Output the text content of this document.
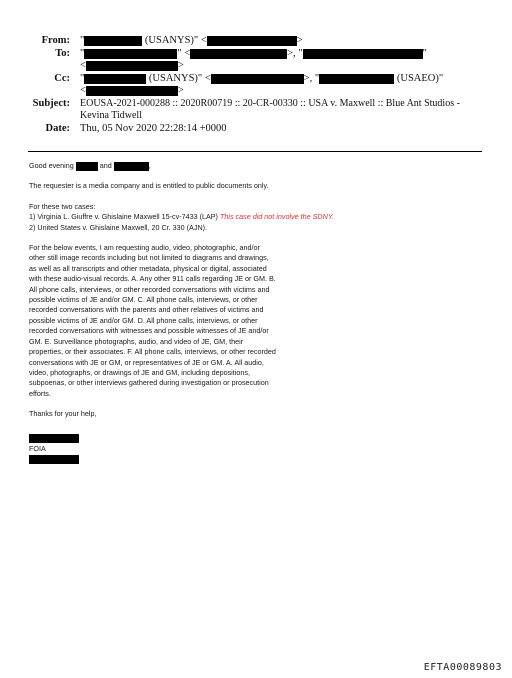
From: "	(USANYS)" <	>
To: "	" <	>, "	"
<	>
Cc: "	(USANYS)" <	>, "	(USAEO)"
<	>
Subject: EOUSA-2021-000288 :: 2020R00719 :: 20-CR-00330 :: USA v. Maxwell :: Blue Ant Studios -
Kevina Tidwell
Date: Thu, 05 Nov 2020 22:28:14 +0000

Good evening	and	,

The requester is a media company and is entitled to public documents only.

For these two cases:

1) Virginia L. Giuffre v. Ghislaine Maxwell 15-cv-7433 (LAP) This case did not involve the SDNY.

2) United States v. Ghislaine Maxwell, 20 Cr. 330 (AJN).

For the below events, I am requesting audio, video, photographic, and/or
other still image records including but not limited to diagrams and drawings,
as well as all transcripts and other metadata, physical or digital, associated
with these audio-visual records. A. Any other 911 calls regarding JE or GM. B.
All phone calls, interviews, or other recorded conversations with victims and
possible victims of JE and/or GM. C. All phone calls, interviews, or other
recorded conversations with the parents and other relatives of victims and
possible victims of JE and/or GM. D. All phone calls, interviews, or other
recorded conversations with witnesses and possible witnesses of JE and/or
GM. E. Surveillance photographs, audio, and video of JE, GM, their
properties, or their associates. F. All phone calls, interviews, or other recorded
conversations with JE or GM, or representatives of JE or GM. A. All audio,
video, photographs, or drawings of JE and GM, including depositions,
subpoenas, or other interviews gathered during investigation or prosecution
efforts.

Thanks for your help,

FOIA
EFTA00089803
